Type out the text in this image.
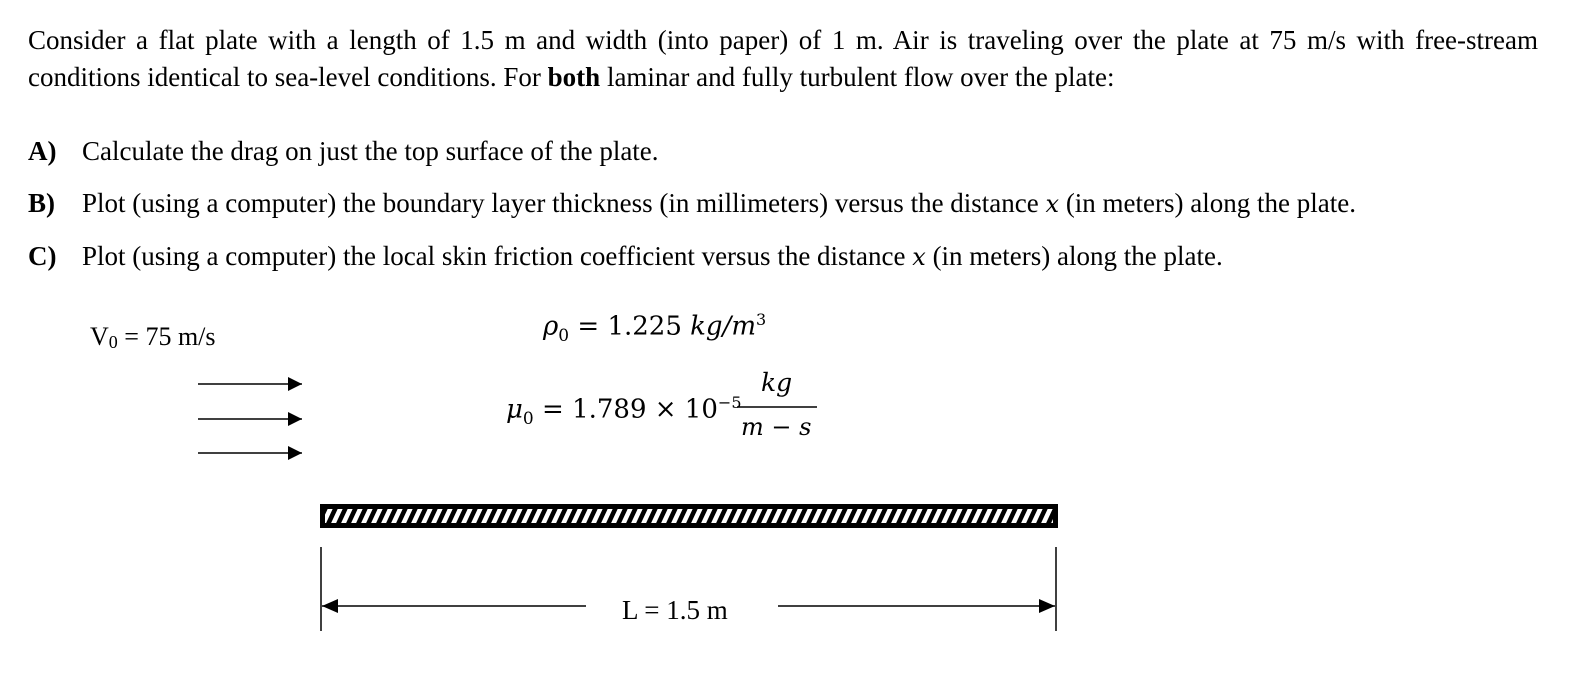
Consider a flat plate with a length of 1.5 m and width (into paper) of 1 m. Air is traveling over the plate at 75 m/s with free-stream conditions identical to sea-level conditions. For both laminar and fully turbulent flow over the plate:

A) Calculate the drag on just the top surface of the plate.
B) Plot (using a computer) the boundary layer thickness (in millimeters) versus the distance x (in meters) along the plate.
C) Plot (using a computer) the local skin friction coefficient versus the distance x (in meters) along the plate.
$V_0 = 75$ m/s	$\rho_0 = 1.225$ $kg/m^3$
$\mu_0 = 1.789 \times 10^{-5}$
kg
m − s
L = 1.5 m
